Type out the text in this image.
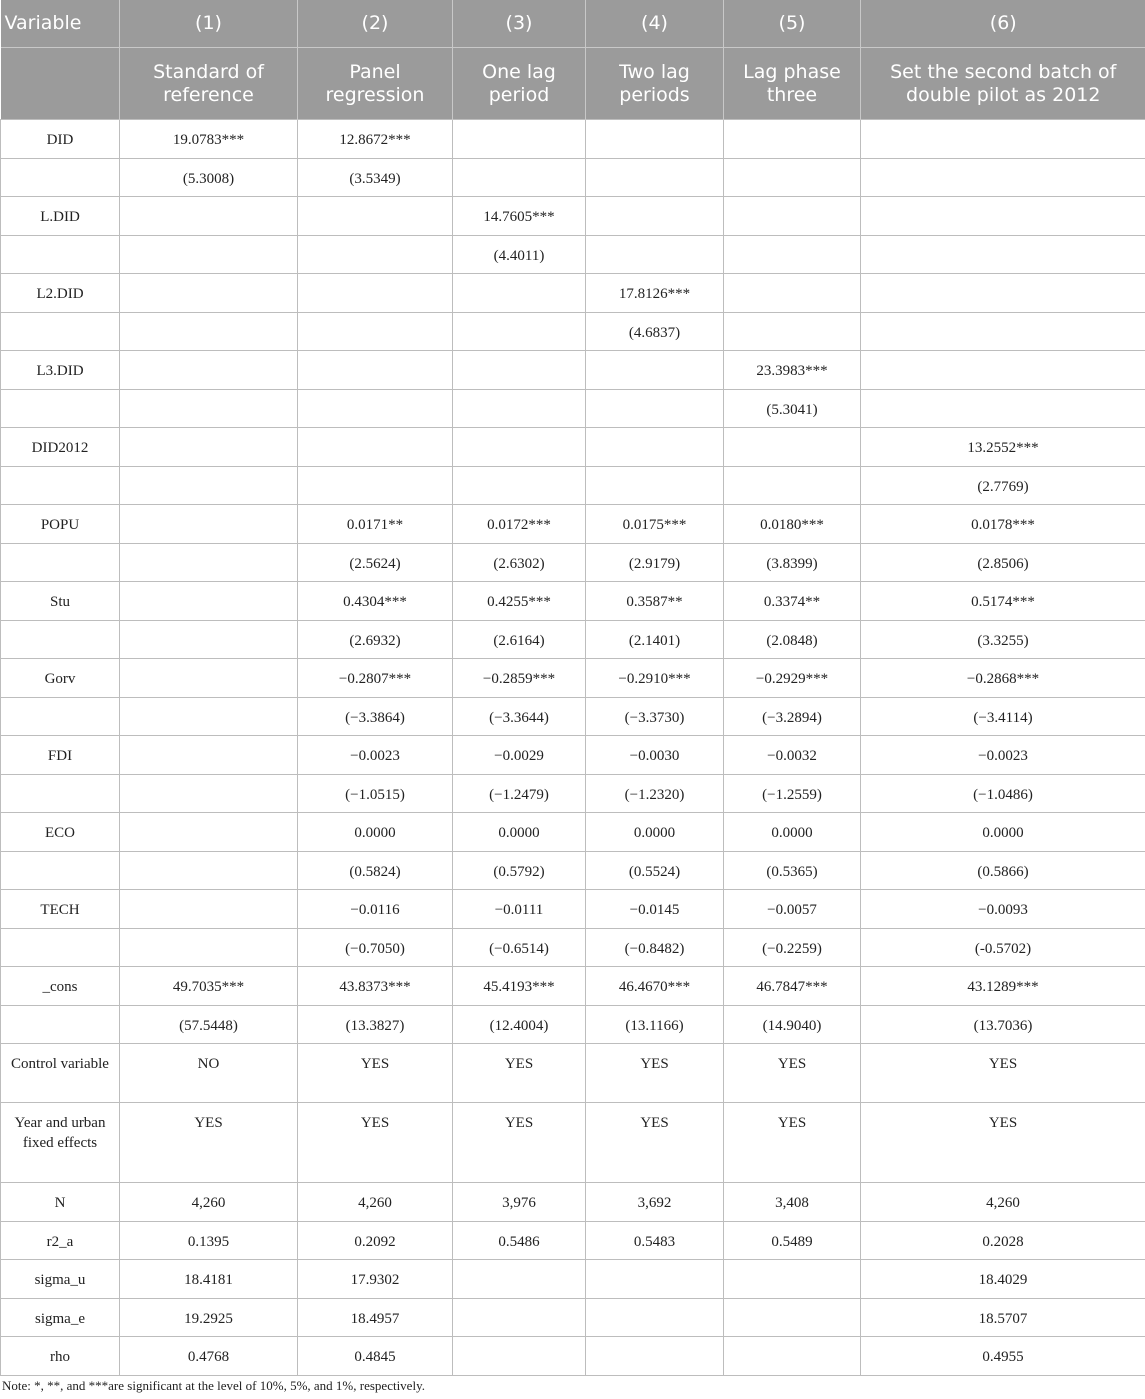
Variable	(1)	(2)	(3)	(4)	(5)	(6)
	Standard of reference	Panel regression	One lag period	Two lag periods	Lag phase three	Set the second batch of double pilot as 2012
DID	19.0783***	12.8672***				
	(5.3008)	(3.5349)				
L.DID			14.7605***			
			(4.4011)			
L2.DID				17.8126***		
				(4.6837)		
L3.DID					23.3983***	
					(5.3041)	
DID2012						13.2552***
						(2.7769)
POPU		0.0171**	0.0172***	0.0175***	0.0180***	0.0178***
		(2.5624)	(2.6302)	(2.9179)	(3.8399)	(2.8506)
Stu		0.4304***	0.4255***	0.3587**	0.3374**	0.5174***
		(2.6932)	(2.6164)	(2.1401)	(2.0848)	(3.3255)
Gorv		−0.2807***	−0.2859***	−0.2910***	−0.2929***	−0.2868***
		(−3.3864)	(−3.3644)	(−3.3730)	(−3.2894)	(−3.4114)
FDI		−0.0023	−0.0029	−0.0030	−0.0032	−0.0023
		(−1.0515)	(−1.2479)	(−1.2320)	(−1.2559)	(−1.0486)
ECO		0.0000	0.0000	0.0000	0.0000	0.0000
		(0.5824)	(0.5792)	(0.5524)	(0.5365)	(0.5866)
TECH		−0.0116	−0.0111	−0.0145	−0.0057	−0.0093
		(−0.7050)	(−0.6514)	(−0.8482)	(−0.2259)	(-0.5702)
_cons	49.7035***	43.8373***	45.4193***	46.4670***	46.7847***	43.1289***
	(57.5448)	(13.3827)	(12.4004)	(13.1166)	(14.9040)	(13.7036)
Control variable	NO	YES	YES	YES	YES	YES
Year and urban fixed effects	YES	YES	YES	YES	YES	YES
N	4,260	4,260	3,976	3,692	3,408	4,260
r2_a	0.1395	0.2092	0.5486	0.5483	0.5489	0.2028
sigma_u	18.4181	17.9302				18.4029
sigma_e	19.2925	18.4957				18.5707
rho	0.4768	0.4845				0.4955
Note: *, **, and ***are significant at the level of 10%, 5%, and 1%, respectively.
